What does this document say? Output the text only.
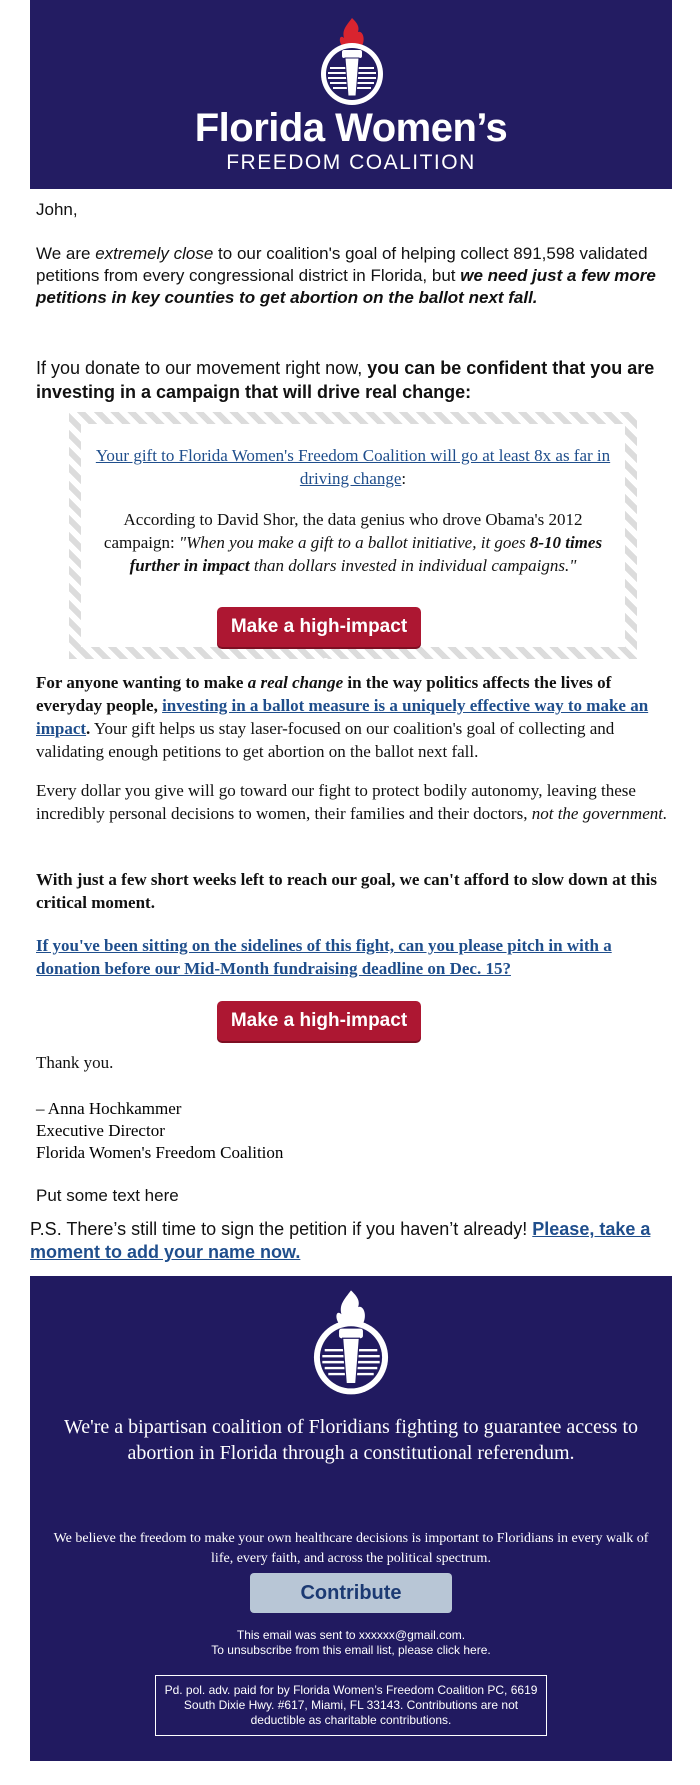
Florida Women’s
FREEDOM COALITION

John,

We are extremely close to our coalition's goal of helping collect 891,598 validated petitions from every congressional district in Florida, but we need just a few more petitions in key counties to get abortion on the ballot next fall.

If you donate to our movement right now, you can be confident that you are investing in a campaign that will drive real change:

Your gift to Florida Women's Freedom Coalition will go at least 8x as far in driving change:

According to David Shor, the data genius who drove Obama's 2012 campaign: "When you make a gift to a ballot initiative, it goes 8-10 times further in impact than dollars invested in individual campaigns."

Make a high-impact gift

For anyone wanting to make a real change in the way politics affects the lives of everyday people, investing in a ballot measure is a uniquely effective way to make an impact. Your gift helps us stay laser-focused on our coalition's goal of collecting and validating enough petitions to get abortion on the ballot next fall.

Every dollar you give will go toward our fight to protect bodily autonomy, leaving these incredibly personal decisions to women, their families and their doctors, not the government.

With just a few short weeks left to reach our goal, we can't afford to slow down at this critical moment.

If you've been sitting on the sidelines of this fight, can you please pitch in with a donation before our Mid-Month fundraising deadline on Dec. 15?

Make a high-impact gift

Thank you.

– Anna Hochkammer
Executive Director
Florida Women's Freedom Coalition

Put some text here

P.S. There’s still time to sign the petition if you haven’t already! Please, take a moment to add your name now.

We're a bipartisan coalition of Floridians fighting to guarantee access to abortion in Florida through a constitutional referendum.

We believe the freedom to make your own healthcare decisions is important to Floridians in every walk of life, every faith, and across the political spectrum.

Contribute
This email was sent to xxxxxx@gmail.com.
To unsubscribe from this email list, please click here.
Pd. pol. adv. paid for by Florida Women’s Freedom Coalition PC, 6619 South Dixie Hwy. #617, Miami, FL 33143. Contributions are not deductible as charitable contributions.
